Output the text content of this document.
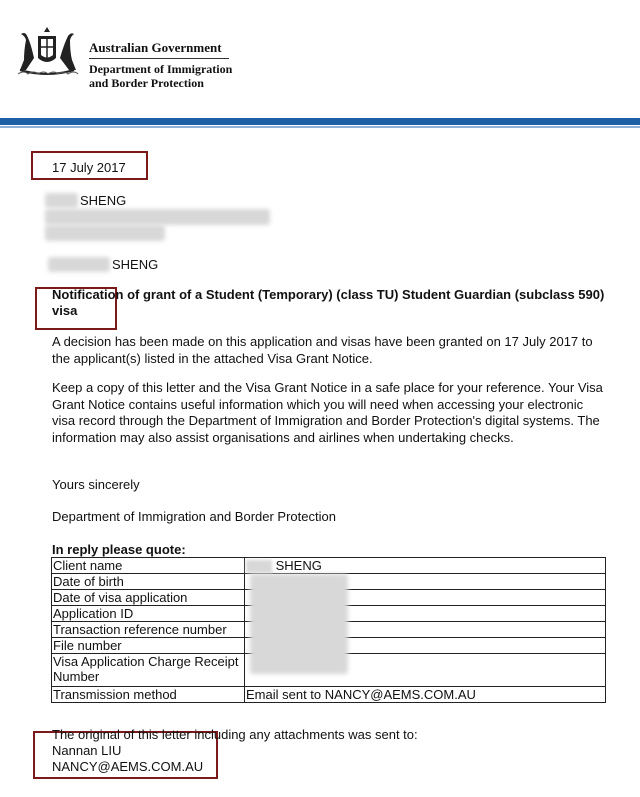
Australian Government
Department of Immigration
and Border Protection
17 July 2017
SHENG
SHENG
Notification of grant of a Student (Temporary) (class TU) Student Guardian (subclass 590) visa
A decision has been made on this application and visas have been granted on 17 July 2017 to the applicant(s) listed in the attached Visa Grant Notice.
Keep a copy of this letter and the Visa Grant Notice in a safe place for your reference. Your Visa Grant Notice contains useful information which you will need when accessing your electronic visa record through the Department of Immigration and Border Protection's digital systems. The information may also assist organisations and airlines when undertaking checks.
Yours sincerely
Department of Immigration and Border Protection
In reply please quote:
Client name	SHENG
Date of birth	
Date of visa application	
Application ID	
Transaction reference number	
File number	
Visa Application Charge Receipt Number	
Transmission method	Email sent to NANCY@AEMS.COM.AU
The original of this letter including any attachments was sent to:
Nannan LIU
NANCY@AEMS.COM.AU
